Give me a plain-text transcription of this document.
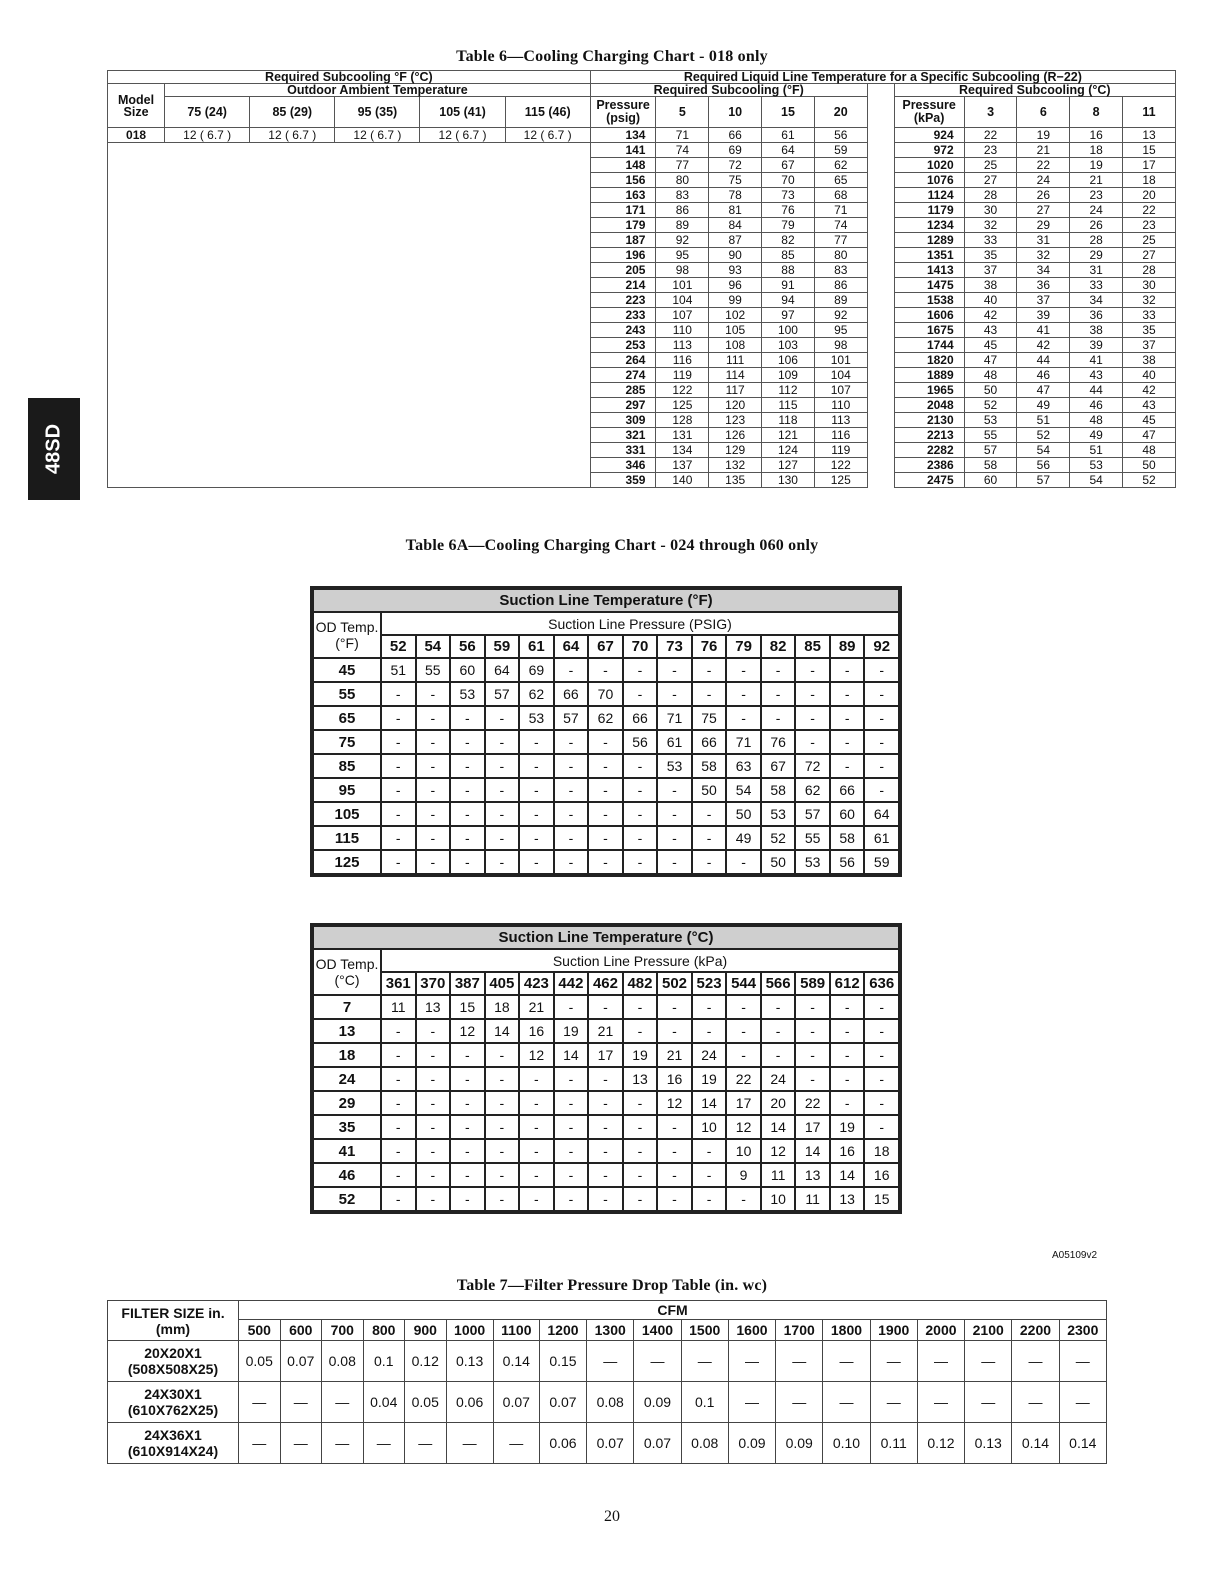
48SD
Table 6—Cooling Charging Chart - 018 only
Required Subcooling °F (°C)						Required Liquid Line Temperature for a Specific Subcooling (R−22)										
Model Size	Outdoor Ambient Temperature					Required Subcooling (°F)						Required Subcooling (°C)				
	75 (24)	85 (29)	95 (35)	105 (41)	115 (46)	Pressure (psig)	5	10	15	20		Pressure (kPa)	3	6	8	11
018	12 ( 6.7 )	12 ( 6.7 )	12 ( 6.7 )	12 ( 6.7 )	12 ( 6.7 )	134	71	66	61	56		924	22	19	16	13
						141	74	69	64	59		972	23	21	18	15
						148	77	72	67	62		1020	25	22	19	17
						156	80	75	70	65		1076	27	24	21	18
						163	83	78	73	68		1124	28	26	23	20
						171	86	81	76	71		1179	30	27	24	22
						179	89	84	79	74		1234	32	29	26	23
						187	92	87	82	77		1289	33	31	28	25
						196	95	90	85	80		1351	35	32	29	27
						205	98	93	88	83		1413	37	34	31	28
						214	101	96	91	86		1475	38	36	33	30
						223	104	99	94	89		1538	40	37	34	32
						233	107	102	97	92		1606	42	39	36	33
						243	110	105	100	95		1675	43	41	38	35
						253	113	108	103	98		1744	45	42	39	37
						264	116	111	106	101		1820	47	44	41	38
						274	119	114	109	104		1889	48	46	43	40
						285	122	117	112	107		1965	50	47	44	42
						297	125	120	115	110		2048	52	49	46	43
						309	128	123	118	113		2130	53	51	48	45
						321	131	126	121	116		2213	55	52	49	47
						331	134	129	124	119		2282	57	54	51	48
						346	137	132	127	122		2386	58	56	53	50
						359	140	135	130	125		2475	60	57	54	52
Table 6A—Cooling Charging Chart - 024 through 060 only
Suction Line Temperature (°F)															
OD Temp.
(°F)	Suction Line Pressure (PSIG)														
	52	54	56	59	61	64	67	70	73	76	79	82	85	89	92
45	51	55	60	64	69	-	-	-	-	-	-	-	-	-	-
55	-	-	53	57	62	66	70	-	-	-	-	-	-	-	-
65	-	-	-	-	53	57	62	66	71	75	-	-	-	-	-
75	-	-	-	-	-	-	-	56	61	66	71	76	-	-	-
85	-	-	-	-	-	-	-	-	53	58	63	67	72	-	-
95	-	-	-	-	-	-	-	-	-	50	54	58	62	66	-
105	-	-	-	-	-	-	-	-	-	-	50	53	57	60	64
115	-	-	-	-	-	-	-	-	-	-	49	52	55	58	61
125	-	-	-	-	-	-	-	-	-	-	-	50	53	56	59
Suction Line Temperature (°C)															
OD Temp.
(°C)	Suction Line Pressure (kPa)														
	361	370	387	405	423	442	462	482	502	523	544	566	589	612	636
7	11	13	15	18	21	-	-	-	-	-	-	-	-	-	-
13	-	-	12	14	16	19	21	-	-	-	-	-	-	-	-
18	-	-	-	-	12	14	17	19	21	24	-	-	-	-	-
24	-	-	-	-	-	-	-	13	16	19	22	24	-	-	-
29	-	-	-	-	-	-	-	-	12	14	17	20	22	-	-
35	-	-	-	-	-	-	-	-	-	10	12	14	17	19	-
41	-	-	-	-	-	-	-	-	-	-	10	12	14	16	18
46	-	-	-	-	-	-	-	-	-	-	9	11	13	14	16
52	-	-	-	-	-	-	-	-	-	-	-	10	11	13	15
A05109v2
Table 7—Filter Pressure Drop Table (in. wc)
FILTER SIZE in. (mm)	CFM																		
	500	600	700	800	900	1000	1100	1200	1300	1400	1500	1600	1700	1800	1900	2000	2100	2200	2300

20X20X1
(508X508X25)	0.05	0.07	0.08	0.1	0.12	0.13	0.14	0.15	—	—	—	—	—	—	—	—	—	—	—

24X30X1
(610X762X25)	—	—	—	0.04	0.05	0.06	0.07	0.07	0.08	0.09	0.1	—	—	—	—	—	—	—	—

24X36X1
(610X914X24)	—	—	—	—	—	—	—	0.06	0.07	0.07	0.08	0.09	0.09	0.10	0.11	0.12	0.13	0.14	0.14
20
